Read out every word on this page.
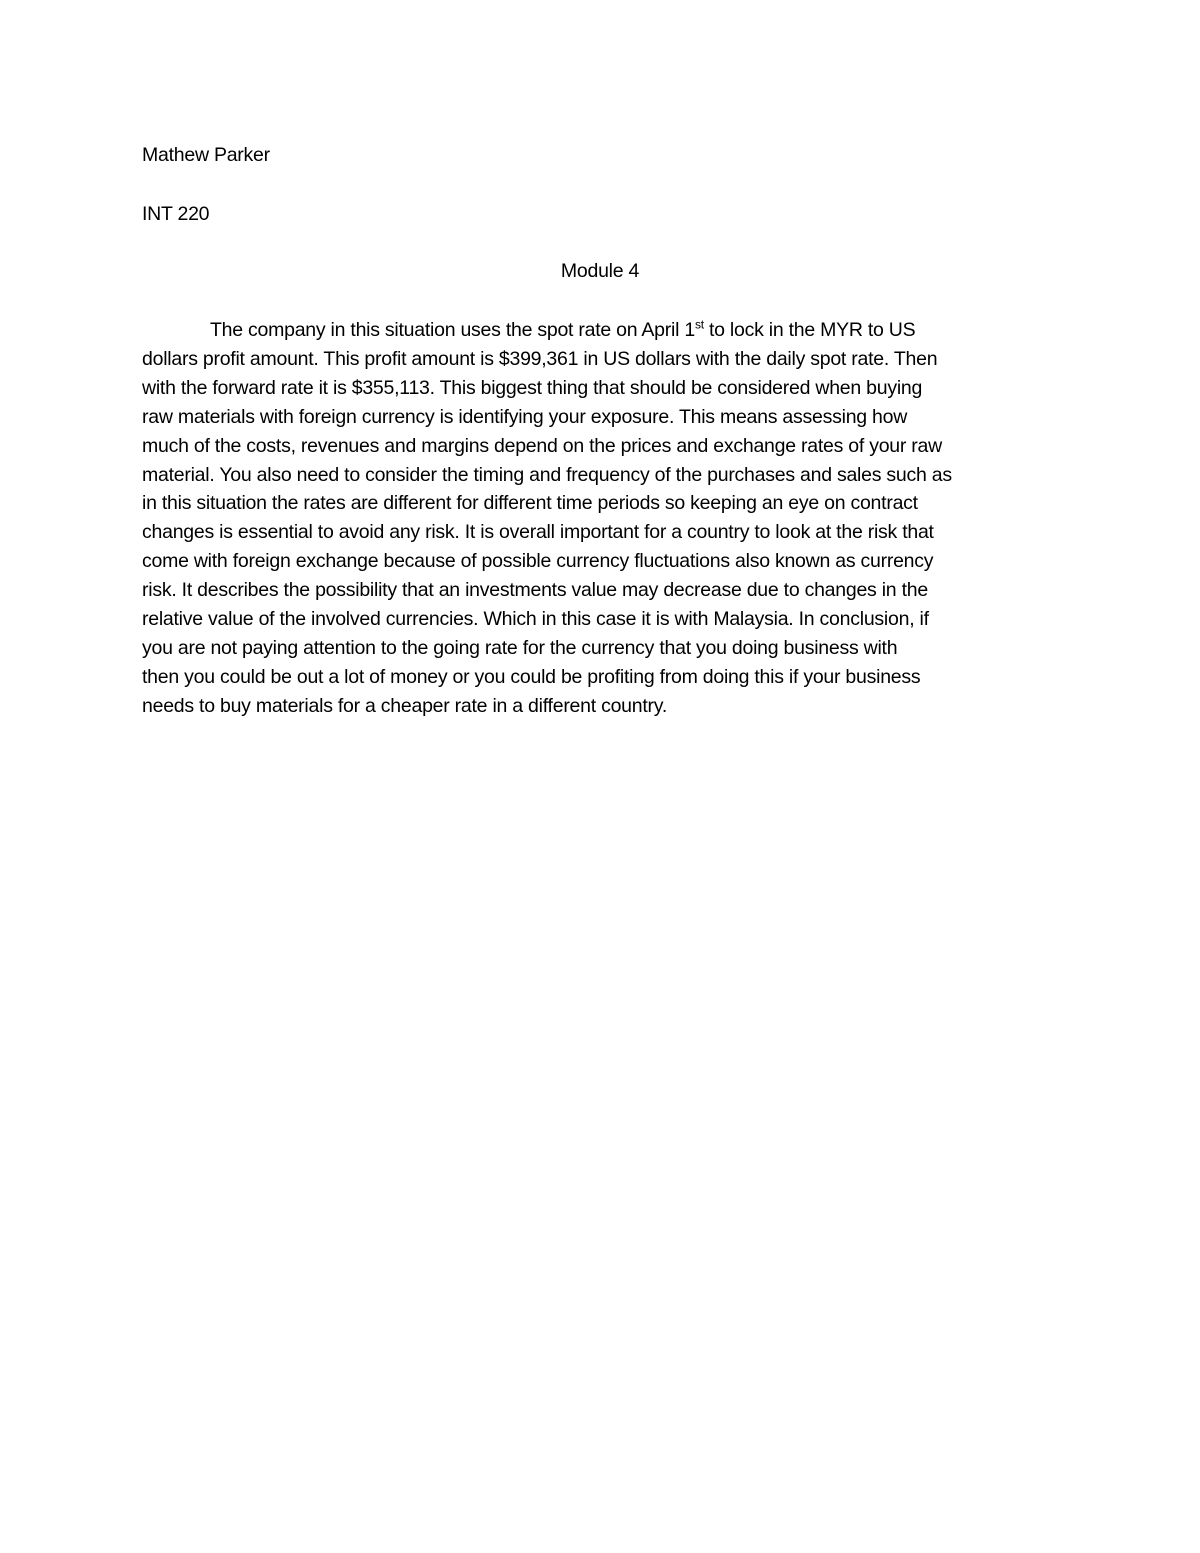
Mathew Parker
INT 220
Module 4
The company in this situation uses the spot rate on April 1st to lock in the MYR to US
dollars profit amount. This profit amount is $399,361 in US dollars with the daily spot rate. Then
with the forward rate it is $355,113. This biggest thing that should be considered when buying
raw materials with foreign currency is identifying your exposure. This means assessing how
much of the costs, revenues and margins depend on the prices and exchange rates of your raw
material. You also need to consider the timing and frequency of the purchases and sales such as
in this situation the rates are different for different time periods so keeping an eye on contract
changes is essential to avoid any risk. It is overall important for a country to look at the risk that
come with foreign exchange because of possible currency fluctuations also known as currency
risk. It describes the possibility that an investments value may decrease due to changes in the
relative value of the involved currencies. Which in this case it is with Malaysia. In conclusion, if
you are not paying attention to the going rate for the currency that you doing business with
then you could be out a lot of money or you could be profiting from doing this if your business
needs to buy materials for a cheaper rate in a different country.
